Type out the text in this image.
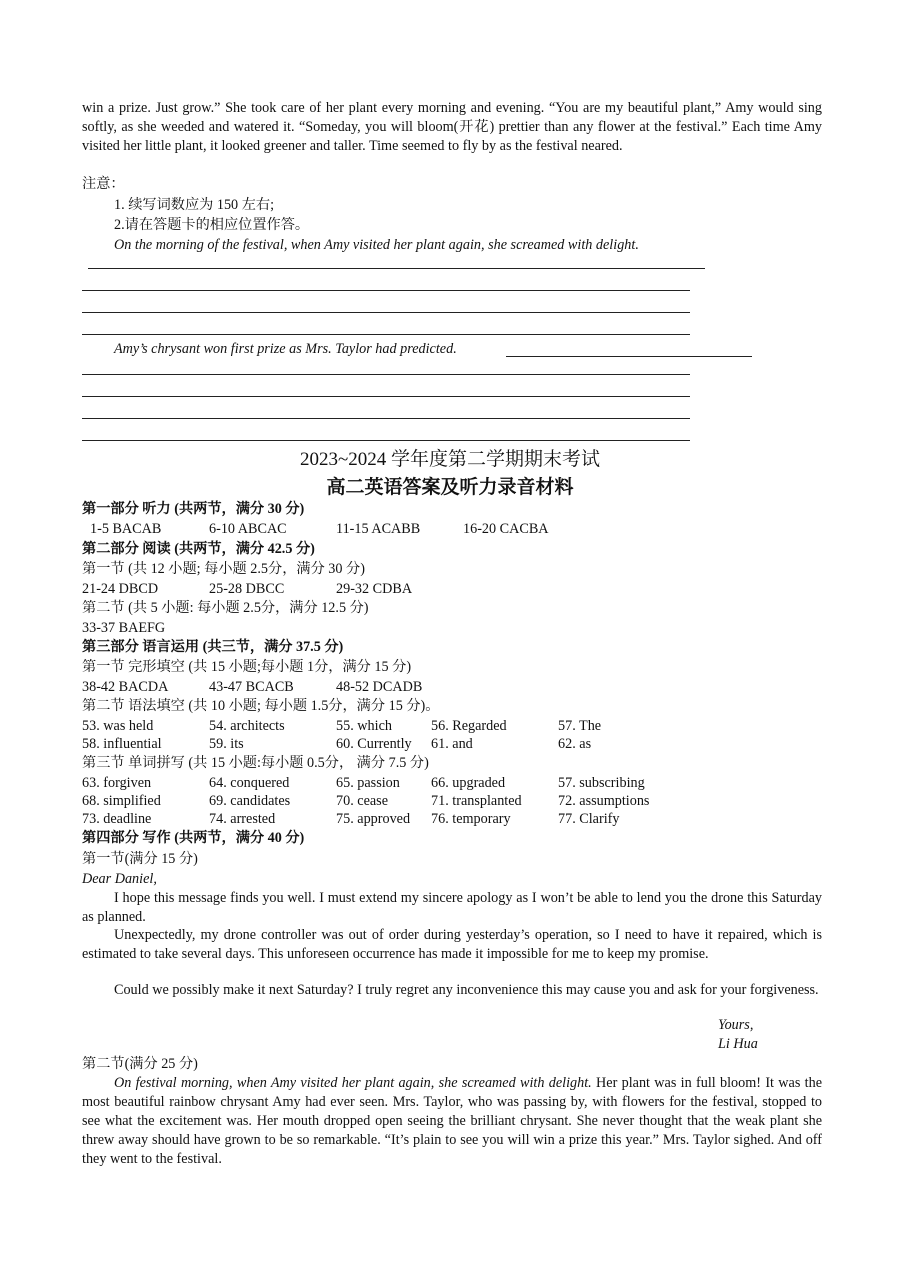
win a prize. Just grow.” She took care of her plant every morning and evening. “You are my beautiful plant,” Amy would sing softly, as she weeded and watered it. “Someday, you will bloom(开花) prettier than any flower at the festival.” Each time Amy visited her little plant, it looked greener and taller. Time seemed to fly by as the festival neared.

注意：

1. 续写词数应为 150 左右;

2.请在答题卡的相应位置作答。

On the morning of the festival, when Amy visited her plant again, she screamed with delight.

Amy’s chrysant won first prize as Mrs. Taylor had predicted.

2023~2024 学年度第二学期期末考试
高二英语答案及听力录音材料

第一部分 听力 (共两节，满分 30 分)

1-5 BACAB	6-10 ABCAC	11-15 ACABB	16-20 CACBA

第二部分 阅读 (共两节，满分 42.5 分)

第一节 (共 12 小题; 每小题 2.5分，满分 30 分)

21-24 DBCD	25-28 DBCC	29-32 CDBA

第二节 (共 5 小题: 每小题 2.5分，满分 12.5 分)

33-37 BAEFG

第三部分 语言运用 (共三节，满分 37.5 分)

第一节 完形填空 (共 15 小题;每小题 1分，满分 15 分)

38-42 BACDA	43-47 BCACB	48-52 DCADB

第二节 语法填空 (共 10 小题; 每小题 1.5分，满分 15 分)。

53. was held	54. architects	55. which	56. Regarded	57. The
58. influential	59. its	60. Currently 61. and	62. as

第三节 单词拼写 (共 15 小题:每小题 0.5分， 满分 7.5 分)

63. forgiven	64. conquered	65. passion 66. upgraded	57. subscribing
68. simplified	69. candidates	70. cease	71. transplanted	72. assumptions
73. deadline	74. arrested	75. approved 76. temporary	77. Clarify

第四部分 写作 (共两节，满分 40 分)

第一节(满分 15 分)

Dear Daniel,

I hope this message finds you well. I must extend my sincere apology as I won’t be able to lend you the drone this Saturday as planned.

Unexpectedly, my drone controller was out of order during yesterday’s operation, so I need to have it repaired, which is estimated to take several days. This unforeseen occurrence has made it impossible for me to keep my promise.

Could we possibly make it next Saturday? I truly regret any inconvenience this may cause you and ask for your forgiveness.

Yours,

Li Hua

第二节(满分 25 分)

On festival morning, when Amy visited her plant again, she screamed with delight. Her plant was in full bloom! It was the most beautiful rainbow chrysant Amy had ever seen. Mrs. Taylor, who was passing by, with flowers for the festival, stopped to see what the excitement was. Her mouth dropped open seeing the brilliant chrysant. She never thought that the weak plant she threw away should have grown to be so remarkable. “It’s plain to see you will win a prize this year.” Mrs. Taylor sighed. And off they went to the festival.
